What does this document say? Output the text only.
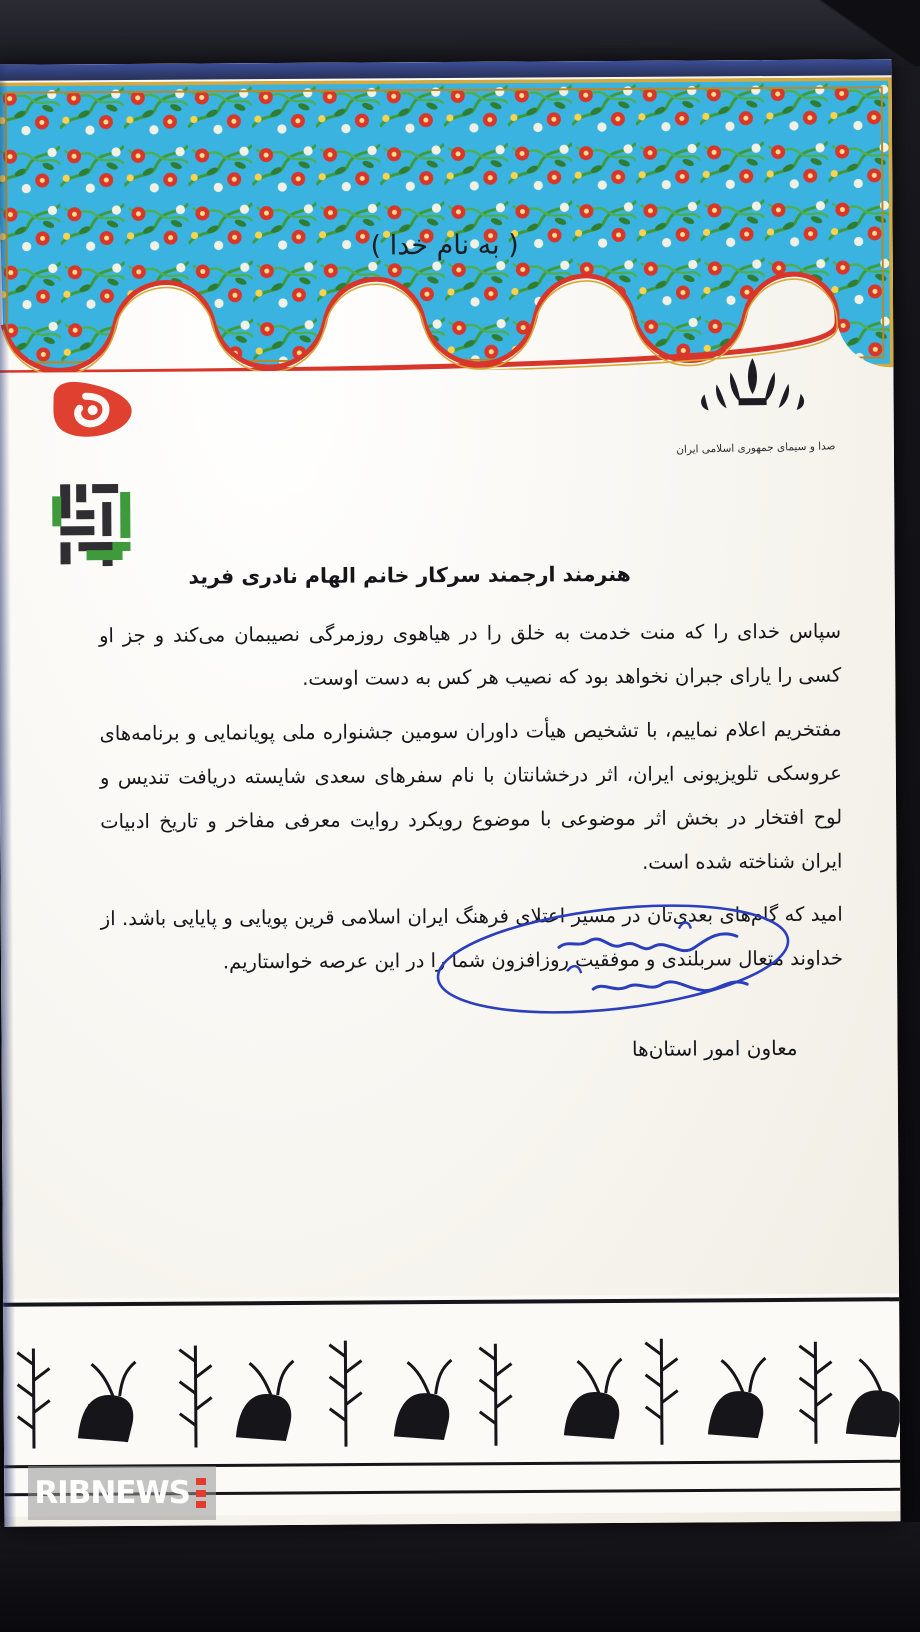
( به نام خدا )
صدا و سیمای جمهوری اسلامی ایران
هنرمند ارجمند سرکار خانم الهام نادری فرید

سپاس خدای را که منت خدمت به خلق را در هیاهوی روزمرگی نصیبمان می‌کند و جز او کسی را یارای جبران نخواهد بود که نصیب هر کس به دست اوست.

مفتخریم اعلام نماییم، با تشخیص هیأت داوران سومین جشنواره ملی پویانمایی و برنامه‌های عروسکی تلویزیونی ایران، اثر درخشانتان با نام سفرهای سعدی شایسته دریافت تندیس و لوح افتخار در بخش اثر موضوعی با موضوع رویکرد روایت معرفی مفاخر و تاریخ ادبیات ایران شناخته شده است.

امید که گام‌های بعدی‌تان در مسیر اعتلای فرهنگ ایران اسلامی قرین پویایی و پایایی باشد. از خداوند متعال سربلندی و موفقیت روزافزون شما را در این عرصه خواستاریم.

معاون امور استان‌ها
RIBNEWS
